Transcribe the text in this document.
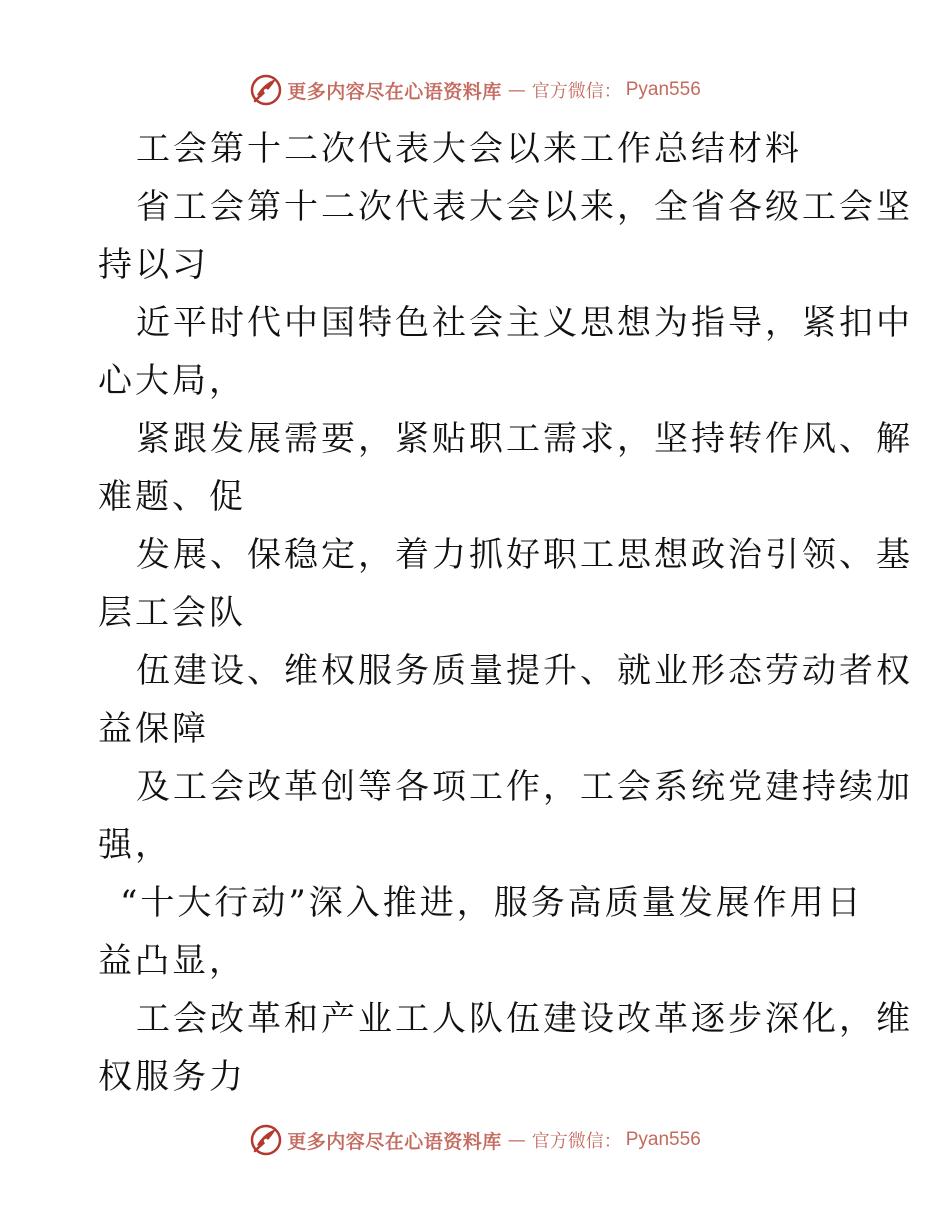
更多内容尽在心语资料库 — 官方微信： Pyan556
工会第十二次代表大会以来工作总结材料
省工会第十二次代表大会以来，全省各级工会坚
持以习
近平时代中国特色社会主义思想为指导，紧扣中
心大局，
紧跟发展需要，紧贴职工需求，坚持转作风、解
难题、促
发展、保稳定，着力抓好职工思想政治引领、基
层工会队
伍建设、维权服务质量提升、就业形态劳动者权
益保障
及工会改革创等各项工作，工会系统党建持续加
强，
“十大行动”深入推进，服务高质量发展作用日
益凸显，
工会改革和产业工人队伍建设改革逐步深化，维
权服务力
更多内容尽在心语资料库 — 官方微信： Pyan556
